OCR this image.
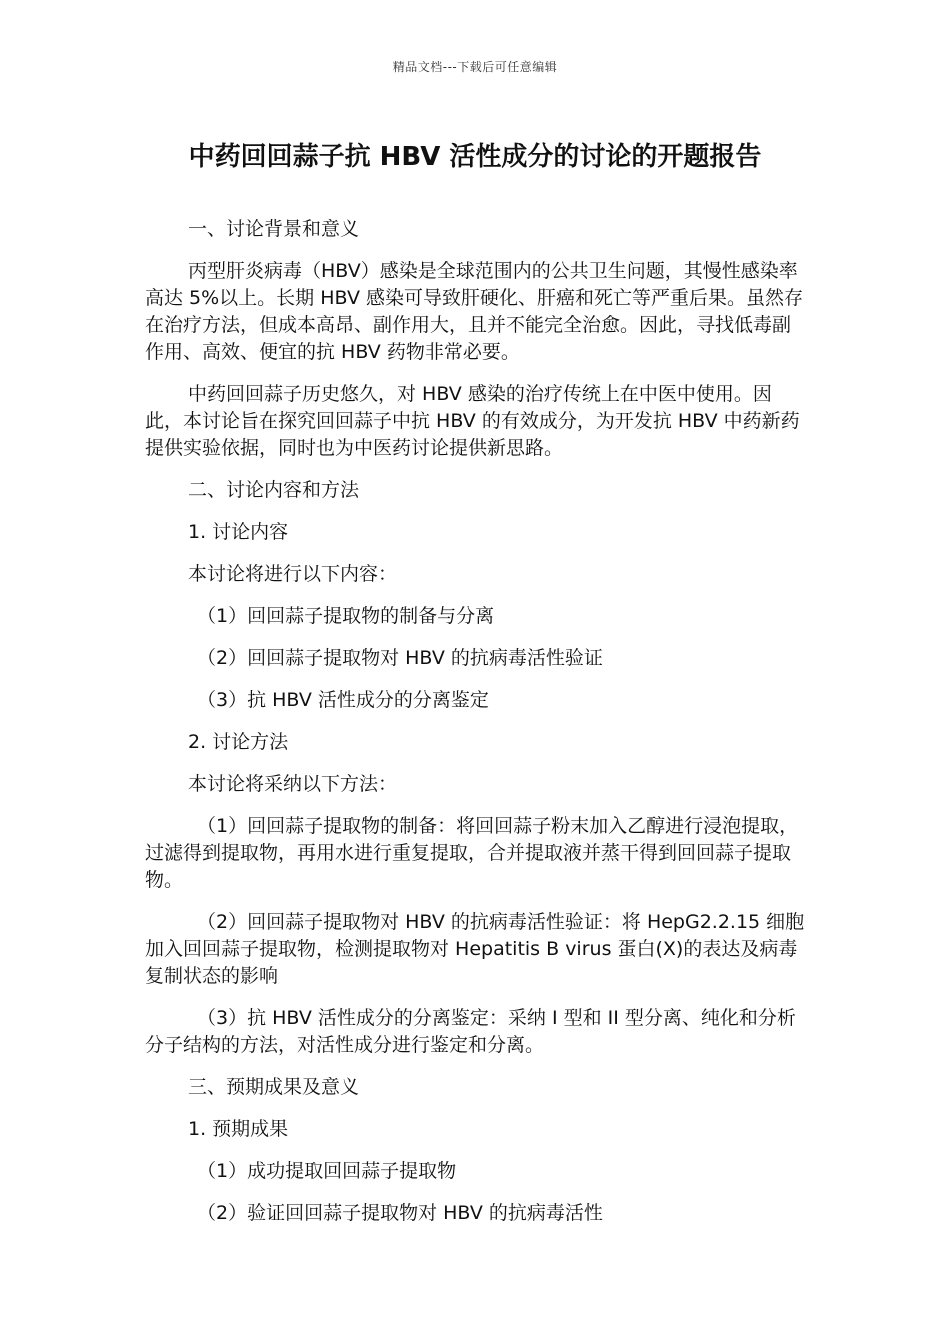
精品文档---下载后可任意编辑
中药回回蒜子抗 HBV 活性成分的讨论的开题报告

一、讨论背景和意义

丙型肝炎病毒（HBV）感染是全球范围内的公共卫生问题，其慢性感染率高达 5%以上。长期 HBV 感染可导致肝硬化、肝癌和死亡等严重后果。虽然存在治疗方法，但成本高昂、副作用大，且并不能完全治愈。因此，寻找低毒副作用、高效、便宜的抗 HBV 药物非常必要。

中药回回蒜子历史悠久，对 HBV 感染的治疗传统上在中医中使用。因此，本讨论旨在探究回回蒜子中抗 HBV 的有效成分，为开发抗 HBV 中药新药提供实验依据，同时也为中医药讨论提供新思路。

二、讨论内容和方法

1. 讨论内容

本讨论将进行以下内容：

（1）回回蒜子提取物的制备与分离

（2）回回蒜子提取物对 HBV 的抗病毒活性验证

（3）抗 HBV 活性成分的分离鉴定

2. 讨论方法

本讨论将采纳以下方法：

（1）回回蒜子提取物的制备：将回回蒜子粉末加入乙醇进行浸泡提取，过滤得到提取物，再用水进行重复提取，合并提取液并蒸干得到回回蒜子提取物。

（2）回回蒜子提取物对 HBV 的抗病毒活性验证：将 HepG2.2.15 细胞加入回回蒜子提取物，检测提取物对 Hepatitis B virus 蛋白(X)的表达及病毒复制状态的影响

（3）抗 HBV 活性成分的分离鉴定：采纳 I 型和 II 型分离、纯化和分析分子结构的方法，对活性成分进行鉴定和分离。

三、预期成果及意义

1. 预期成果

（1）成功提取回回蒜子提取物

（2）验证回回蒜子提取物对 HBV 的抗病毒活性
